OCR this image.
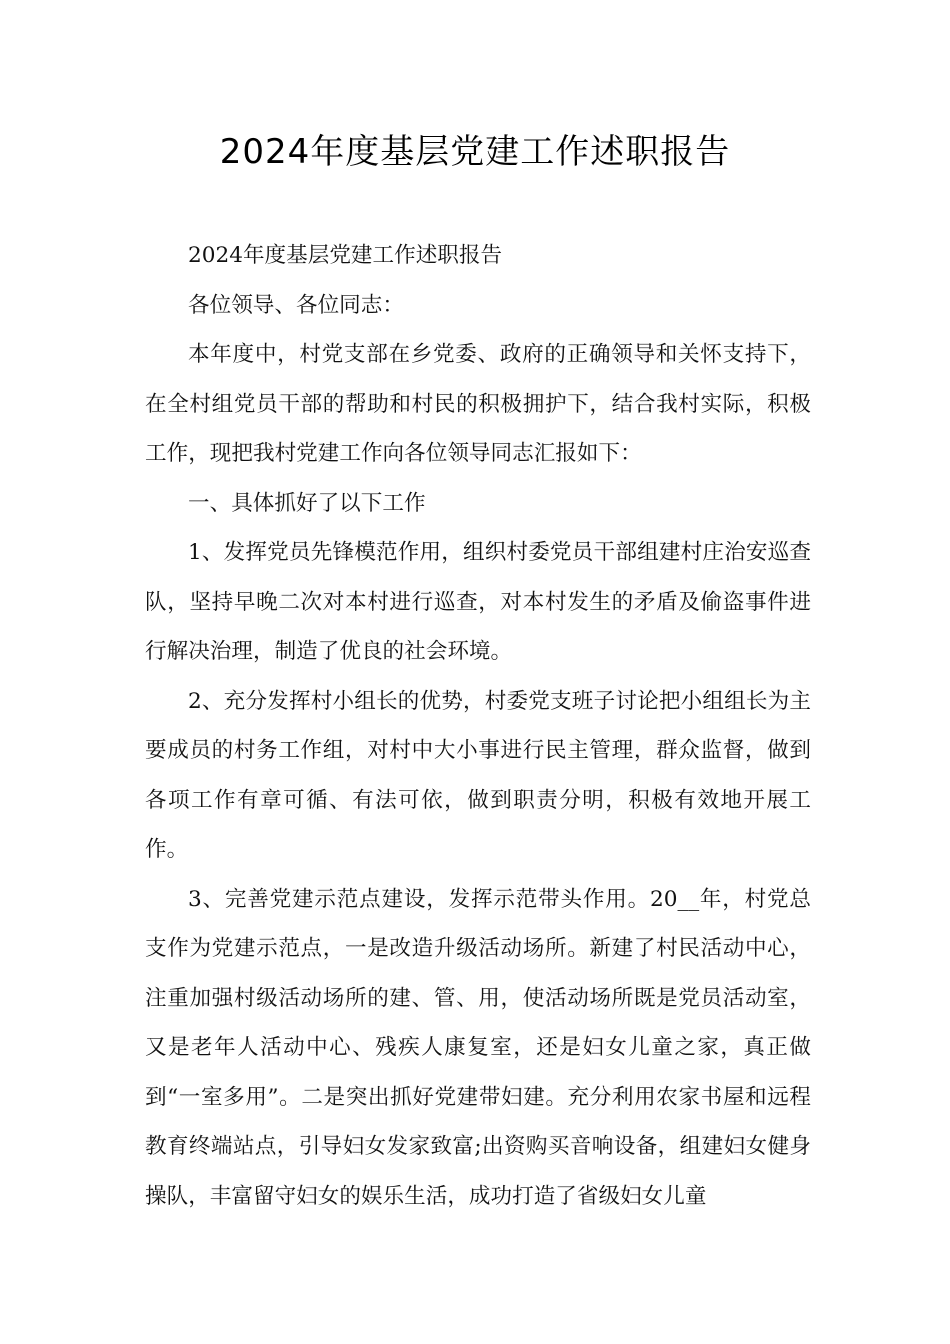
2024年度基层党建工作述职报告

2024年度基层党建工作述职报告

各位领导、各位同志：

本年度中，村党支部在乡党委、政府的正确领导和关怀支持下，在全村组党员干部的帮助和村民的积极拥护下，结合我村实际，积极工作，现把我村党建工作向各位领导同志汇报如下：

一、具体抓好了以下工作

1、发挥党员先锋模范作用，组织村委党员干部组建村庄治安巡查队，坚持早晚二次对本村进行巡查，对本村发生的矛盾及偷盗事件进行解决治理，制造了优良的社会环境。

2、充分发挥村小组长的优势，村委党支班子讨论把小组组长为主要成员的村务工作组，对村中大小事进行民主管理，群众监督，做到各项工作有章可循、有法可依，做到职责分明，积极有效地开展工作。

3、完善党建示范点建设，发挥示范带头作用。20__年，村党总支作为党建示范点，一是改造升级活动场所。新建了村民活动中心，注重加强村级活动场所的建、管、用，使活动场所既是党员活动室，又是老年人活动中心、残疾人康复室，还是妇女儿童之家，真正做到“一室多用”。二是突出抓好党建带妇建。充分利用农家书屋和远程教育终端站点，引导妇女发家致富;出资购买音响设备，组建妇女健身操队，丰富留守妇女的娱乐生活，成功打造了省级妇女儿童
